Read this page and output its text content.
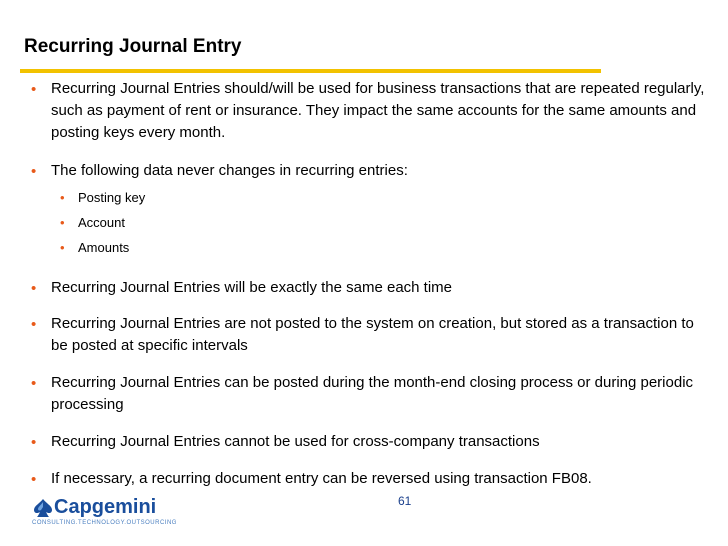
Recurring Journal Entry
• Recurring Journal Entries should/will be used for business transactions that are repeated regularly, such as payment of rent or insurance. They impact the same accounts for the same amounts and posting keys every month.
• The following data never changes in recurring entries:
• Posting key
• Account
• Amounts
• Recurring Journal Entries will be exactly the same each time
• Recurring Journal Entries are not posted to the system on creation, but stored as a transaction to be posted at specific intervals
• Recurring Journal Entries can be posted during the month-end closing process or during periodic processing
• Recurring Journal Entries cannot be used for cross-company transactions
• If necessary, a recurring document entry can be reversed using transaction FB08.
Capgemini
CONSULTING.TECHNOLOGY.OUTSOURCING
61
